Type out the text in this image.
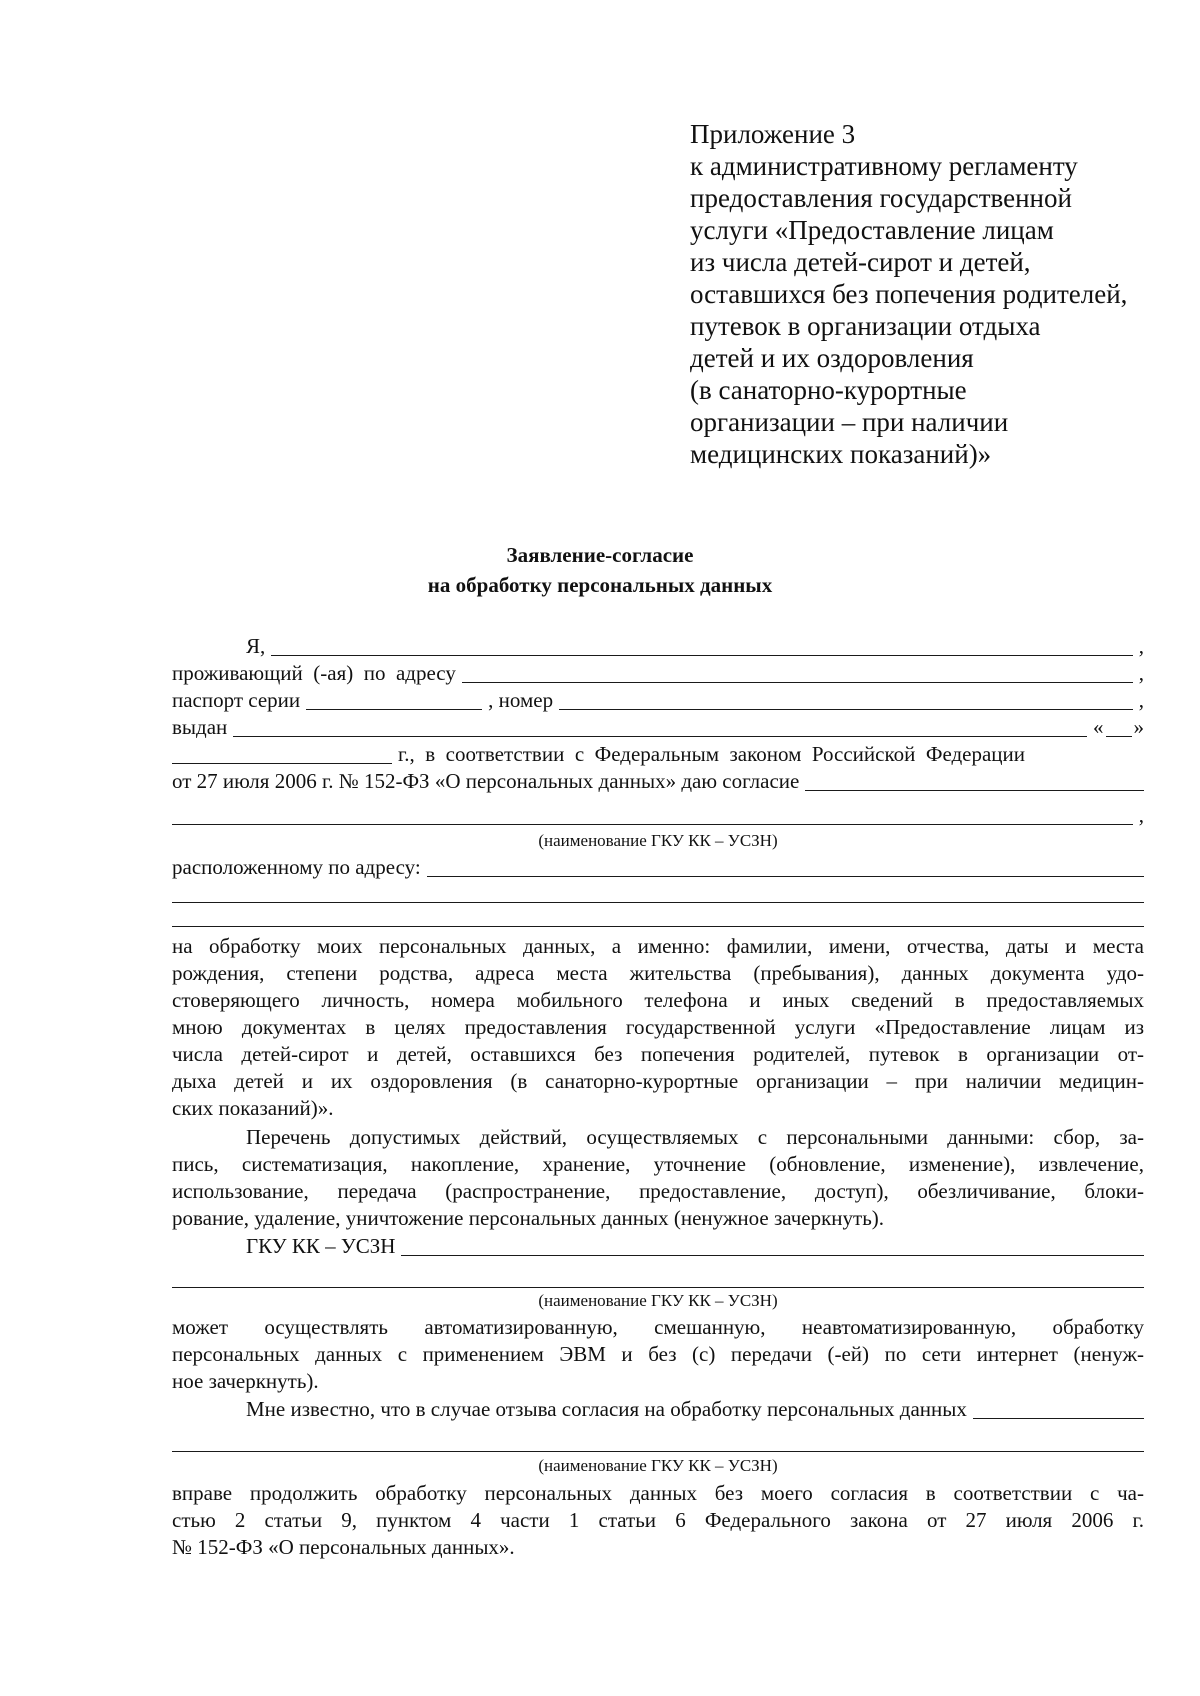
Приложение 3
к административному регламенту
предоставления государственной
услуги «Предоставление лицам
из числа детей-сирот и детей,
оставшихся без попечения родителей,
путевок в организации отдыха
детей и их оздоровления
(в санаторно-курортные
организации – при наличии
медицинских показаний)»
Заявление-согласие
на обработку персональных данных
Я,	,
проживающий  (-ая)  по  адресу	,
паспорт серии	, номер	,
выдан	« »
г.,  в  соответствии  с  Федеральным  законом  Российской  Федерации
от 27 июля 2006 г. № 152-ФЗ «О персональных данных» даю согласие
,
(наименование ГКУ КК – УСЗН)
расположенному по адресу:
на обработку моих персональных данных, а именно: фамилии, имени, отчества, даты и места
рождения, степени родства, адреса места жительства (пребывания), данных документа удо-
стоверяющего личность, номера мобильного телефона и иных сведений в предоставляемых
мною документах в целях предоставления государственной услуги «Предоставление лицам из
числа детей-сирот и детей, оставшихся без попечения родителей, путевок в организации от-
дыха детей и их оздоровления (в санаторно-курортные организации – при наличии медицин-
ских показаний)».
Перечень допустимых действий, осуществляемых с персональными данными: сбор, за-
пись, систематизация, накопление, хранение, уточнение (обновление, изменение), извлечение,
использование, передача (распространение, предоставление, доступ), обезличивание, блоки-
рование, удаление, уничтожение персональных данных (ненужное зачеркнуть).
ГКУ КК – УСЗН
(наименование ГКУ КК – УСЗН)
может осуществлять автоматизированную, смешанную, неавтоматизированную, обработку
персональных данных с применением ЭВМ и без (с) передачи (-ей) по сети интернет (ненуж-
ное зачеркнуть).
Мне известно, что в случае отзыва согласия на обработку персональных данных
(наименование ГКУ КК – УСЗН)
вправе продолжить обработку персональных данных без моего согласия в соответствии с ча-
стью 2 статьи 9, пунктом 4 части 1 статьи 6 Федерального закона от 27 июля 2006 г.
№ 152-ФЗ «О персональных данных».
